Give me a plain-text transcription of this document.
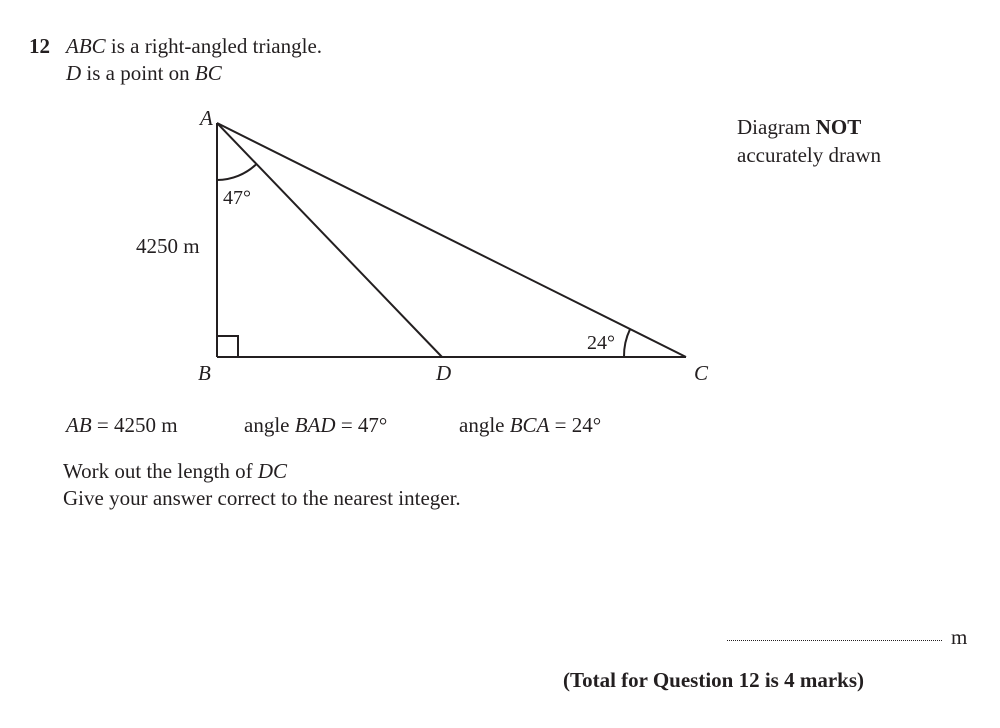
12 ABC is a right-angled triangle.
D is a point on BC
Diagram NOT
accurately drawn
A
B	D	C
47°
24°
4250 m
AB = 4250 m	angle BAD = 47°	angle BCA = 24°
Work out the length of DC
Give your answer correct to the nearest integer.
m
(Total for Question 12 is 4 marks)
